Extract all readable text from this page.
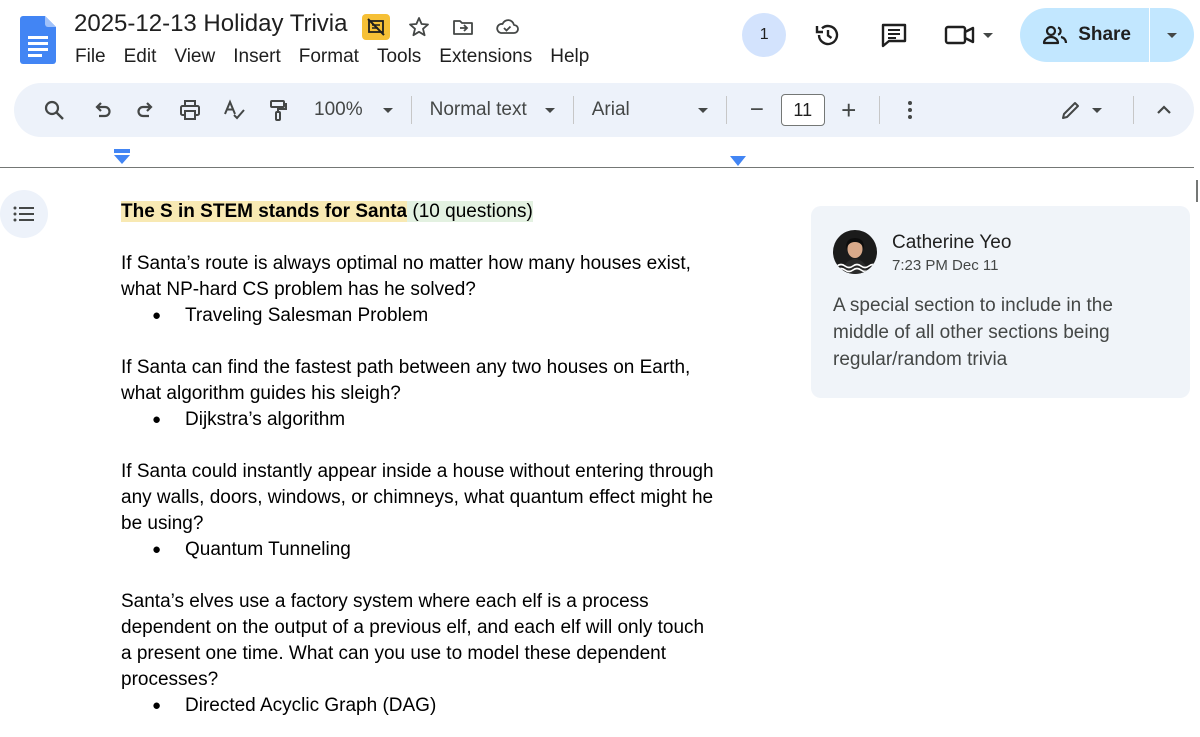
2025-12-13 Holiday Trivia
File Edit View Insert Format Tools Extensions Help
1	Share
100%	Normal text	Arial	−	11	+

The S in STEM stands for Santa (10 questions)

If Santa’s route is always optimal no matter how many houses exist,

what NP-hard CS problem has he solved?

● Traveling Salesman Problem

If Santa can find the fastest path between any two houses on Earth,

what algorithm guides his sleigh?

● Dijkstra’s algorithm

If Santa could instantly appear inside a house without entering through

any walls, doors, windows, or chimneys, what quantum effect might he

be using?

● Quantum Tunneling

Santa’s elves use a factory system where each elf is a process

dependent on the output of a previous elf, and each elf will only touch

a present one time. What can you use to model these dependent

processes?

● Directed Acyclic Graph (DAG)

Catherine Yeo
7:23 PM Dec 11
A special section to include in the
middle of all other sections being
regular/random trivia
